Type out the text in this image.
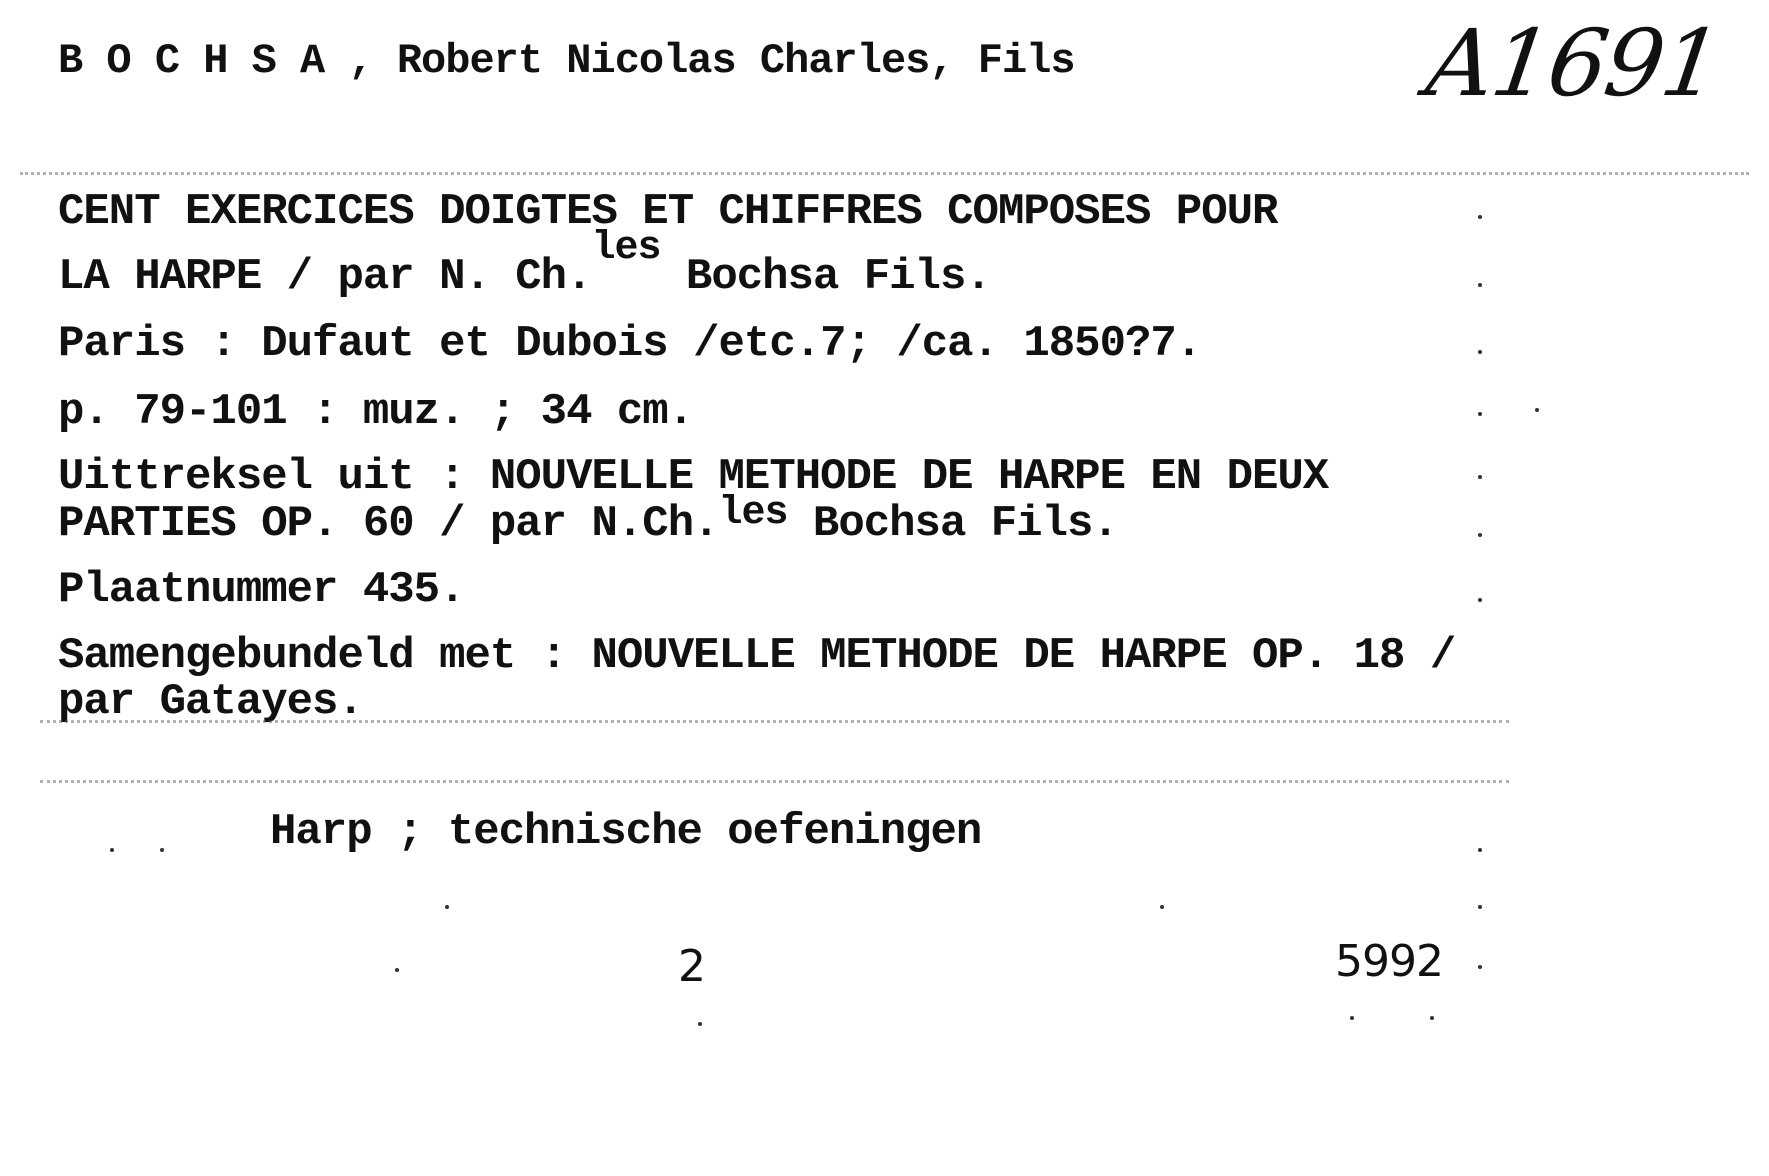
B O C H S A , Robert Nicolas Charles, Fils	A1691
CENT EXERCICES DOIGTES ET CHIFFRES COMPOSES POUR
LA HARPE / par N. Ch.les Bochsa Fils.
Paris : Dufaut et Dubois /etc.7; /ca. 1850?7.
p. 79-101 : muz. ; 34 cm.
Uittreksel uit : NOUVELLE METHODE DE HARPE EN DEUX
PARTIES OP. 60 / par N.Ch.les Bochsa Fils.
Plaatnummer 435.
Samengebundeld met : NOUVELLE METHODE DE HARPE OP. 18 /
par Gatayes.
Harp ; technische oefeningen
2	5992
